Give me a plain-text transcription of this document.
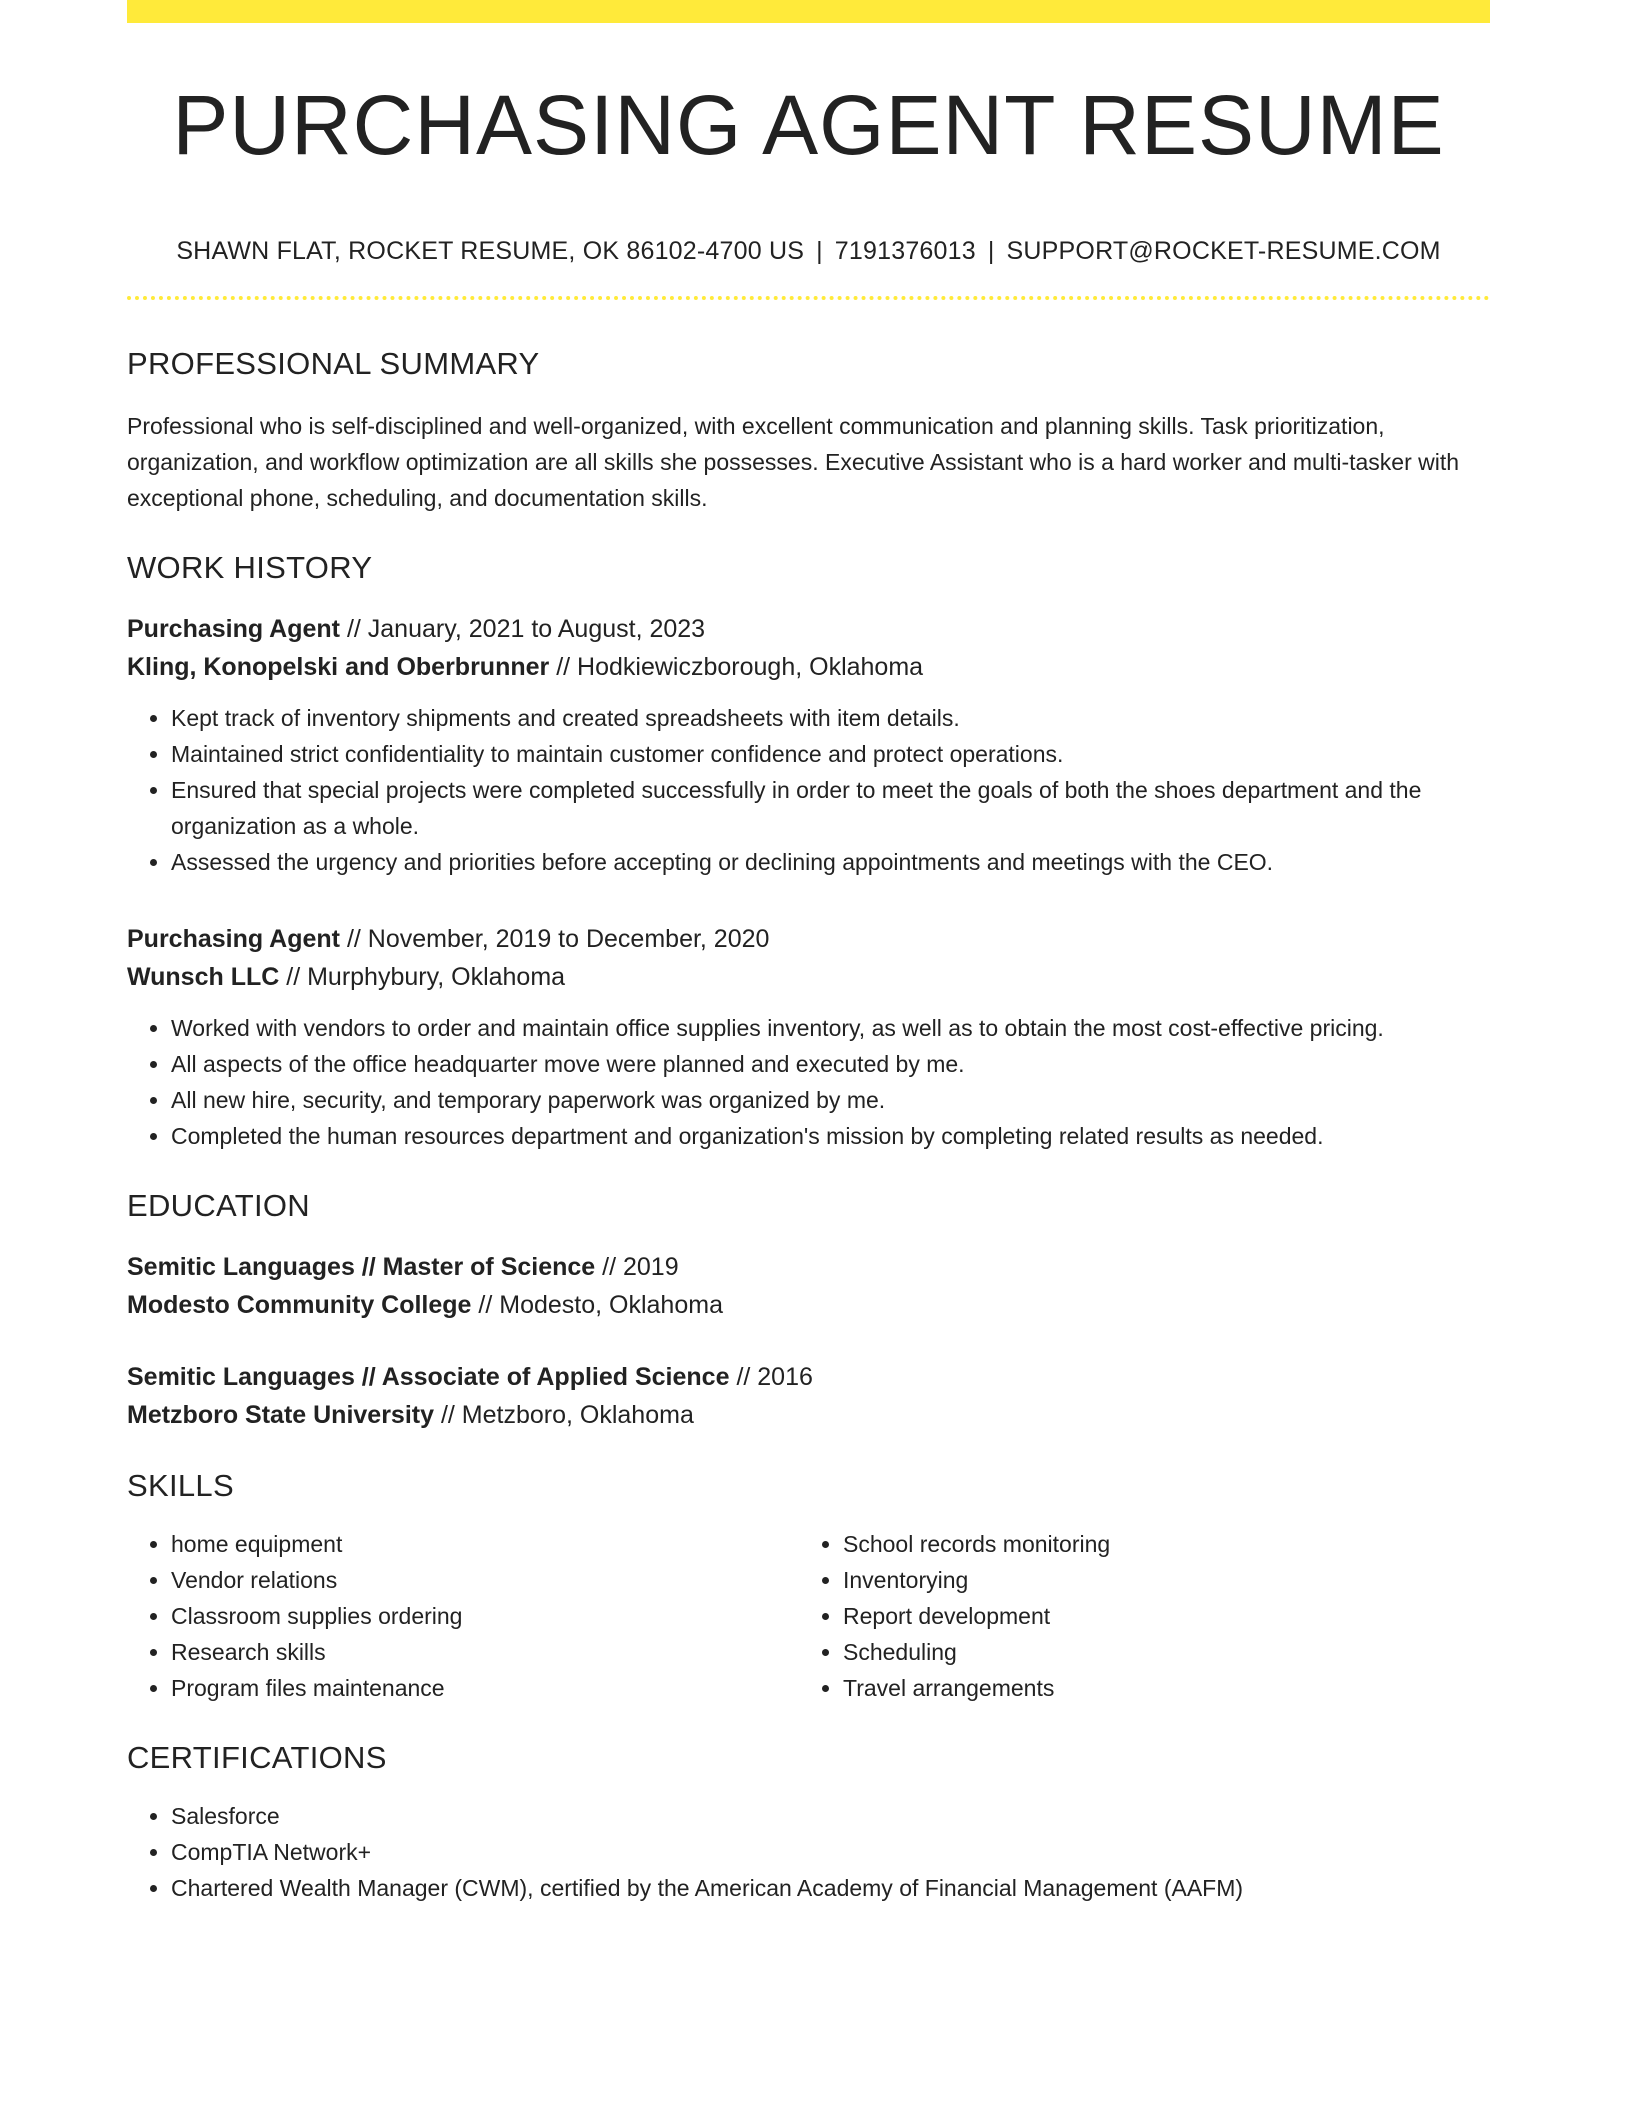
PURCHASING AGENT RESUME
SHAWN FLAT, ROCKET RESUME, OK 86102-4700 US | 7191376013 | SUPPORT@ROCKET-RESUME.COM
PROFESSIONAL SUMMARY

Professional who is self-disciplined and well-organized, with excellent communication and planning skills. Task prioritization, organization, and workflow optimization are all skills she possesses. Executive Assistant who is a hard worker and multi-tasker with exceptional phone, scheduling, and documentation skills.

WORK HISTORY
Purchasing Agent // January, 2021 to August, 2023
Kling, Konopelski and Oberbrunner // Hodkiewiczborough, Oklahoma
• Kept track of inventory shipments and created spreadsheets with item details.
• Maintained strict confidentiality to maintain customer confidence and protect operations.
• Ensured that special projects were completed successfully in order to meet the goals of both the shoes department and the organization as a whole.
• Assessed the urgency and priorities before accepting or declining appointments and meetings with the CEO.
Purchasing Agent // November, 2019 to December, 2020
Wunsch LLC // Murphybury, Oklahoma
• Worked with vendors to order and maintain office supplies inventory, as well as to obtain the most cost-effective pricing.
• All aspects of the office headquarter move were planned and executed by me.
• All new hire, security, and temporary paperwork was organized by me.
• Completed the human resources department and organization's mission by completing related results as needed.
EDUCATION
Semitic Languages // Master of Science // 2019
Modesto Community College // Modesto, Oklahoma
Semitic Languages // Associate of Applied Science // 2016
Metzboro State University // Metzboro, Oklahoma
SKILLS
• home equipment
• Vendor relations
• Classroom supplies ordering
• Research skills
• Program files maintenance
• School records monitoring
• Inventorying
• Report development
• Scheduling
• Travel arrangements
CERTIFICATIONS
• Salesforce
• CompTIA Network+
• Chartered Wealth Manager (CWM), certified by the American Academy of Financial Management (AAFM)
